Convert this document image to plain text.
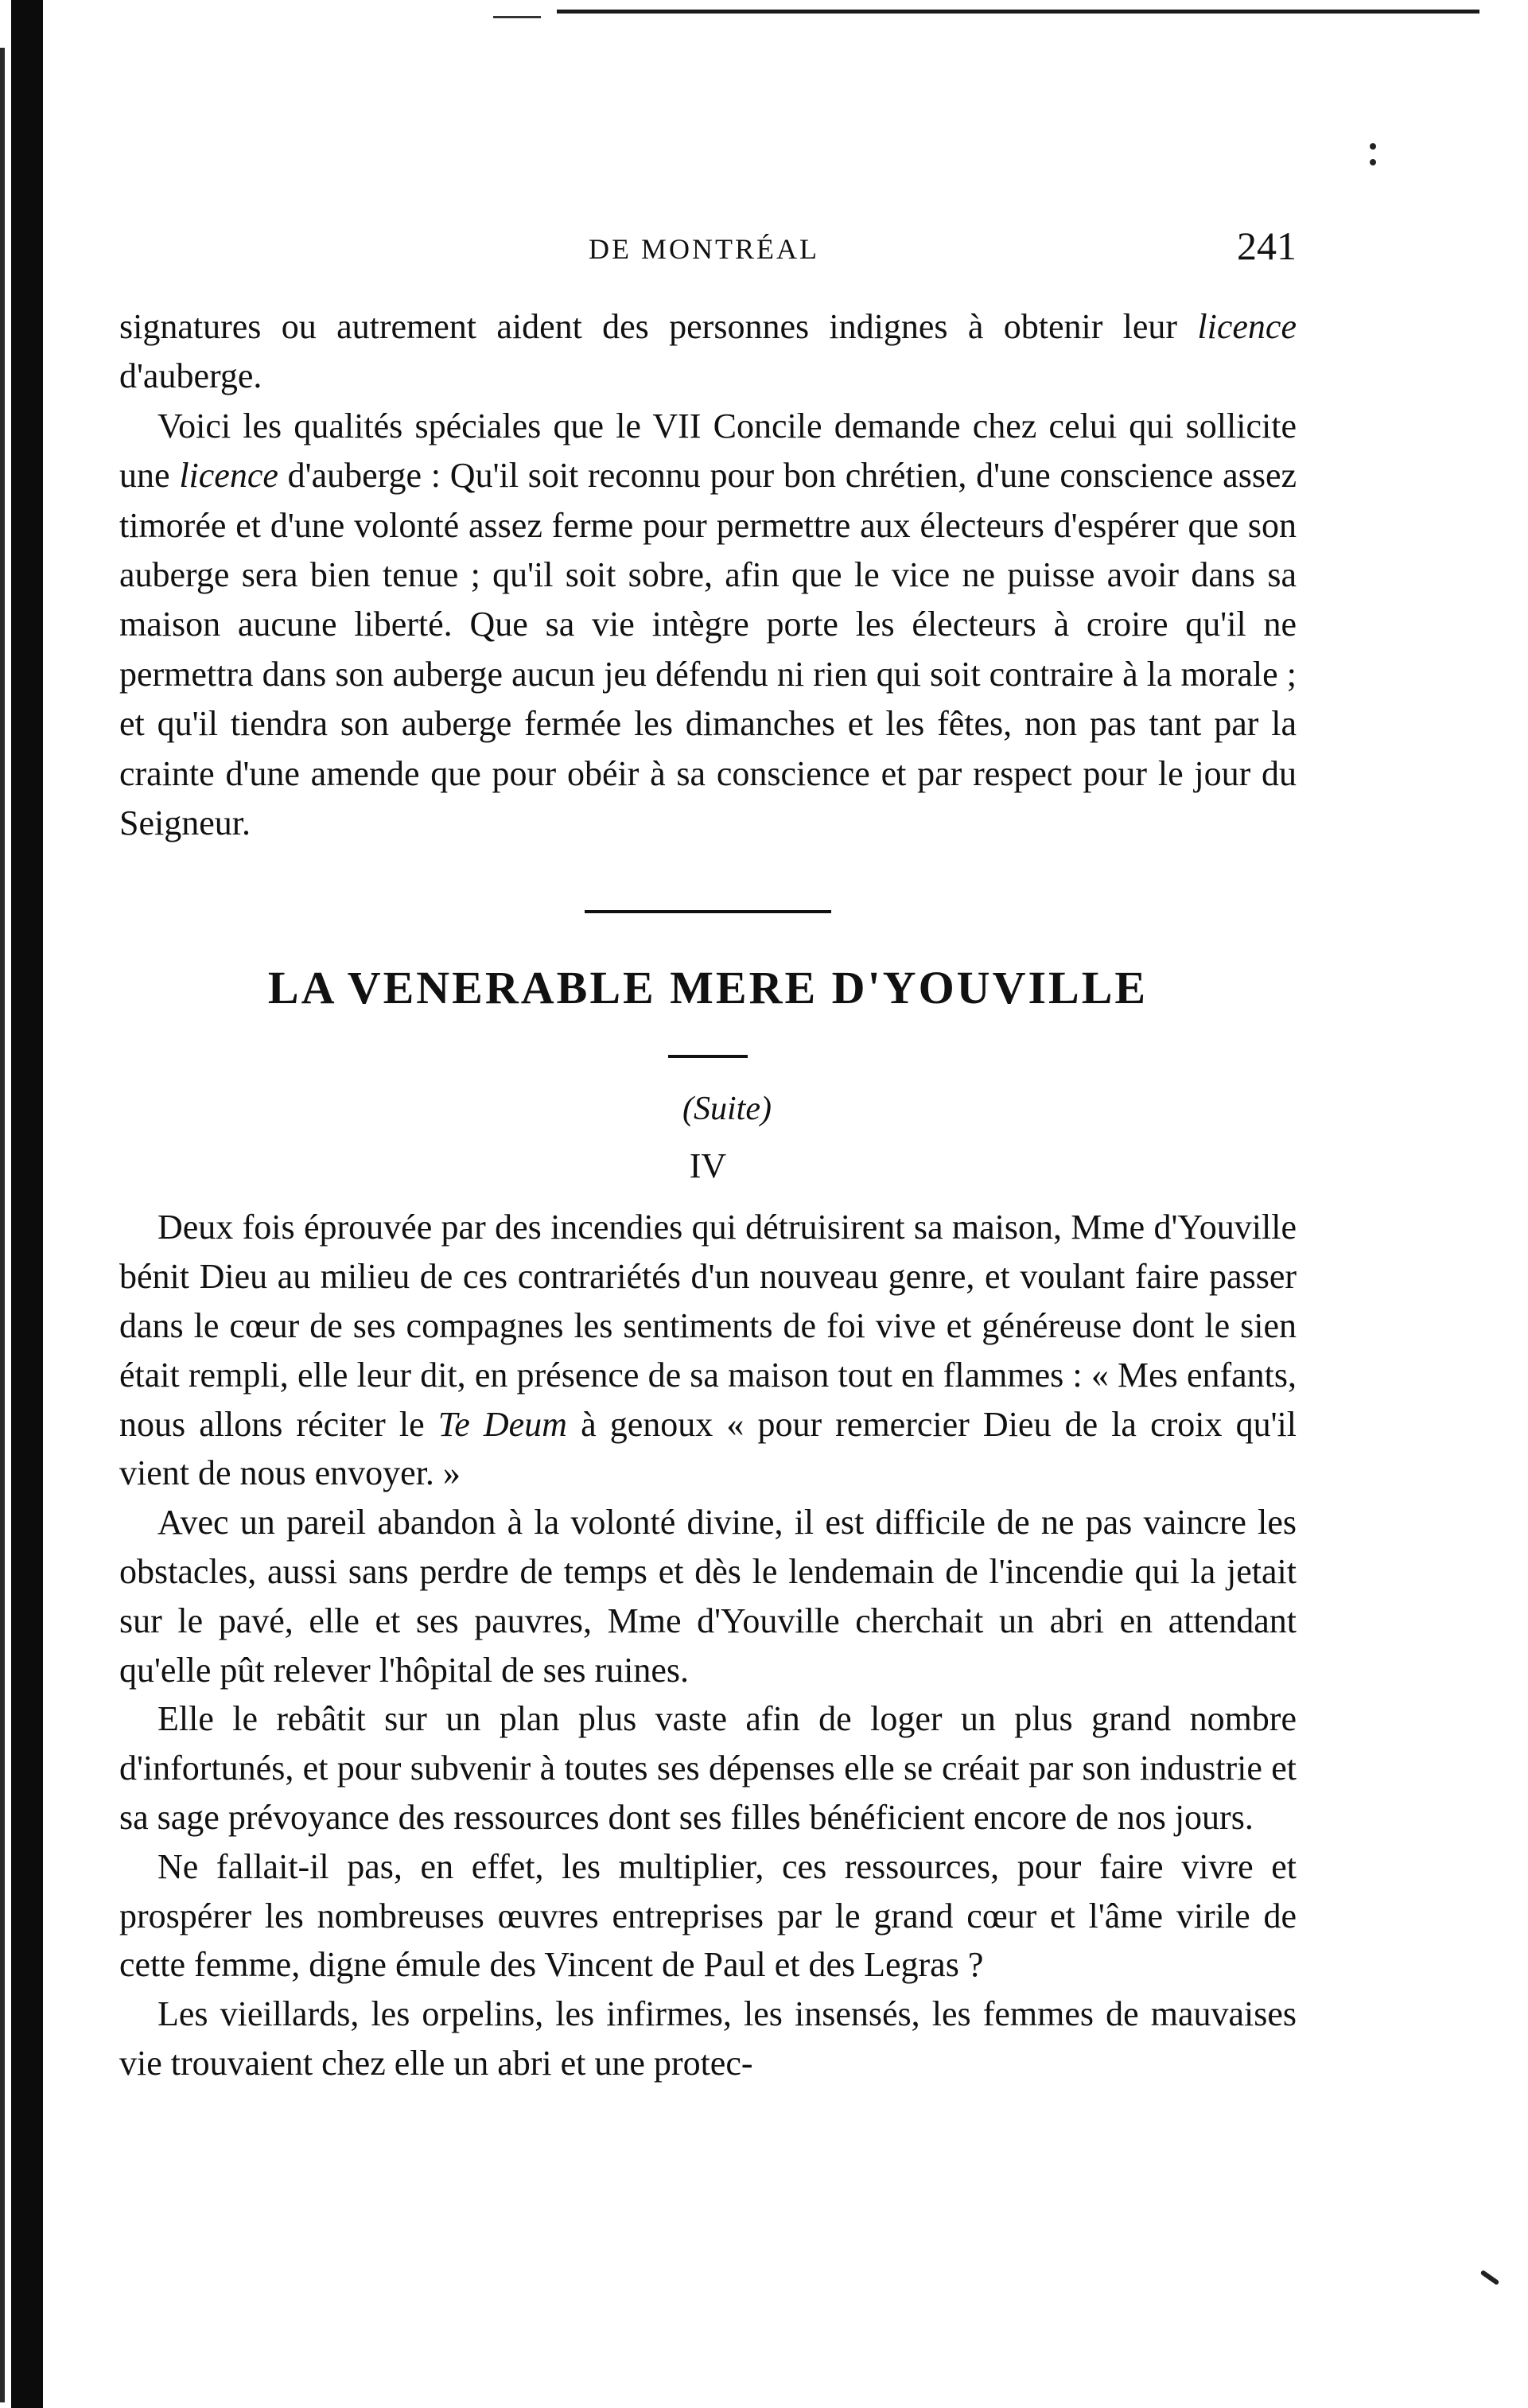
DE MONTRÉAL	241

signatures ou autrement aident des personnes indignes à obtenir leur licence d'auberge.

Voici les qualités spéciales que le VII Concile demande chez celui qui sollicite une licence d'auberge : Qu'il soit reconnu pour bon chrétien, d'une conscience assez timorée et d'une volonté assez ferme pour permettre aux électeurs d'espérer que son auberge sera bien tenue ; qu'il soit sobre, afin que le vice ne puisse avoir dans sa maison aucune liberté. Que sa vie intègre porte les électeurs à croire qu'il ne permettra dans son auberge aucun jeu défendu ni rien qui soit contraire à la morale ; et qu'il tiendra son auberge fermée les dimanches et les fêtes, non pas tant par la crainte d'une amende que pour obéir à sa conscience et par respect pour le jour du Seigneur.

LA VENERABLE MERE D'YOUVILLE

(Suite)

IV

Deux fois éprouvée par des incendies qui détruisirent sa maison, Mme d'Youville bénit Dieu au milieu de ces contrariétés d'un nouveau genre, et voulant faire passer dans le cœur de ses compagnes les sentiments de foi vive et généreuse dont le sien était rempli, elle leur dit, en présence de sa maison tout en flammes : « Mes enfants, nous allons réciter le Te Deum à genoux « pour remercier Dieu de la croix qu'il vient de nous envoyer. »

Avec un pareil abandon à la volonté divine, il est difficile de ne pas vaincre les obstacles, aussi sans perdre de temps et dès le lendemain de l'incendie qui la jetait sur le pavé, elle et ses pauvres, Mme d'Youville cherchait un abri en attendant qu'elle pût relever l'hôpital de ses ruines.

Elle le rebâtit sur un plan plus vaste afin de loger un plus grand nombre d'infortunés, et pour subvenir à toutes ses dépenses elle se créait par son industrie et sa sage prévoyance des ressources dont ses filles bénéficient encore de nos jours.

Ne fallait-il pas, en effet, les multiplier, ces ressources, pour faire vivre et prospérer les nombreuses œuvres entreprises par le grand cœur et l'âme virile de cette femme, digne émule des Vincent de Paul et des Legras ?

Les vieillards, les orpelins, les infirmes, les insensés, les femmes de mauvaises vie trouvaient chez elle un abri et une protec-
